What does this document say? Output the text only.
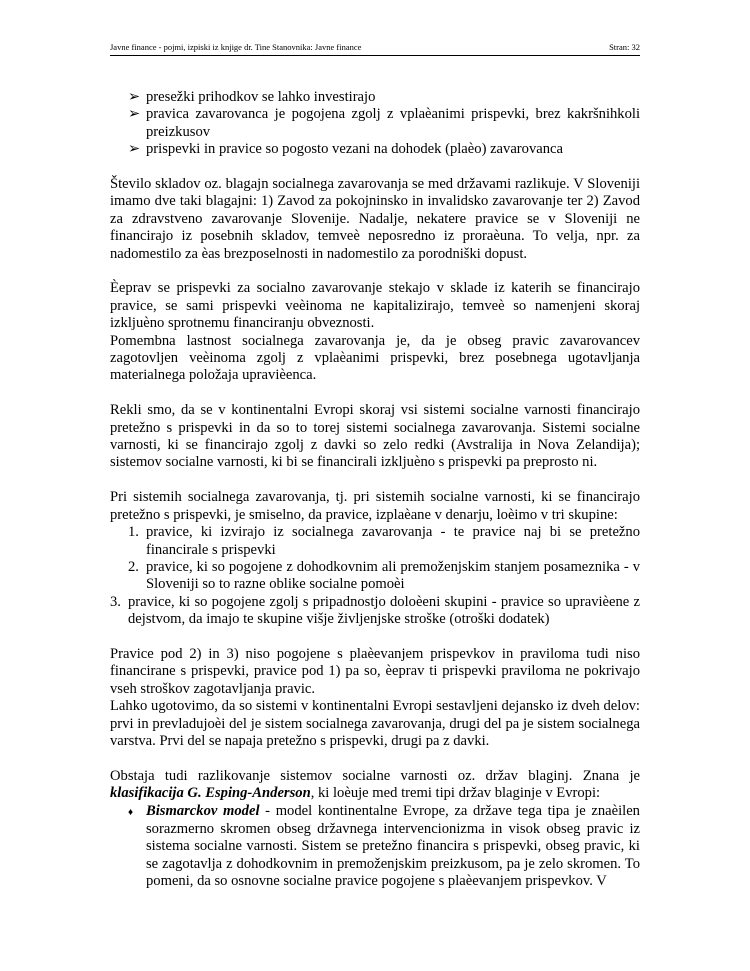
Javne finance - pojmi, izpiski iz knjige dr. Tine Stanovnika: Javne finance	Stran: 32
➢ presežki prihodkov se lahko investirajo
➢ pravica zavarovanca je pogojena zgolj z vplaèanimi prispevki, brez kakršnihkoli preizkusov
➢ prispevki in pravice so pogosto vezani na dohodek (plaèo) zavarovanca

Število skladov oz. blagajn socialnega zavarovanja se med državami razlikuje. V Sloveniji imamo dve taki blagajni: 1) Zavod za pokojninsko in invalidsko zavarovanje ter 2) Zavod za zdravstveno zavarovanje Slovenije. Nadalje, nekatere pravice se v Sloveniji ne financirajo iz posebnih skladov, temveè neposredno iz proraèuna. To velja, npr. za nadomestilo za èas brezposelnosti in nadomestilo za porodniški dopust.

Èeprav se prispevki za socialno zavarovanje stekajo v sklade iz katerih se financirajo pravice, se sami prispevki veèinoma ne kapitalizirajo, temveè so namenjeni skoraj izkljuèno sprotnemu financiranju obveznosti.

Pomembna lastnost socialnega zavarovanja je, da je obseg pravic zavarovancev zagotovljen veèinoma zgolj z vplaèanimi prispevki, brez posebnega ugotavljanja materialnega položaja upravièenca.

Rekli smo, da se v kontinentalni Evropi skoraj vsi sistemi socialne varnosti financirajo pretežno s prispevki in da so to torej sistemi socialnega zavarovanja. Sistemi socialne varnosti, ki se financirajo zgolj z davki so zelo redki (Avstralija in Nova Zelandija); sistemov socialne varnosti, ki bi se financirali izkljuèno s prispevki pa preprosto ni.

Pri sistemih socialnega zavarovanja, tj. pri sistemih socialne varnosti, ki se financirajo pretežno s prispevki, je smiselno, da pravice, izplaèane v denarju, loèimo v tri skupine:

1. pravice, ki izvirajo iz socialnega zavarovanja - te pravice naj bi se pretežno financirale s prispevki
2. pravice, ki so pogojene z dohodkovnim ali premoženjskim stanjem posameznika - v Sloveniji so to razne oblike socialne pomoèi
3. pravice, ki so pogojene zgolj s pripadnostjo doloèeni skupini - pravice so upravièene z dejstvom, da imajo te skupine višje življenjske stroške (otroški dodatek)

Pravice pod 2) in 3) niso pogojene s plaèevanjem prispevkov in praviloma tudi niso financirane s prispevki, pravice pod 1) pa so, èeprav ti prispevki praviloma ne pokrivajo vseh stroškov zagotavljanja pravic.

Lahko ugotovimo, da so sistemi v kontinentalni Evropi sestavljeni dejansko iz dveh delov: prvi in prevladujoèi del je sistem socialnega zavarovanja, drugi del pa je sistem socialnega varstva. Prvi del se napaja pretežno s prispevki, drugi pa z davki.

Obstaja tudi razlikovanje sistemov socialne varnosti oz. držav blaginj. Znana je klasifikacija G. Esping-Anderson, ki loèuje med tremi tipi držav blaginje v Evropi:

♦ Bismarckov model - model kontinentalne Evrope, za države tega tipa je znaèilen sorazmerno skromen obseg državnega intervencionizma in visok obseg pravic iz sistema socialne varnosti. Sistem se pretežno financira s prispevki, obseg pravic, ki se zagotavlja z dohodkovnim in premoženjskim preizkusom, pa je zelo skromen. To pomeni, da so osnovne socialne pravice pogojene s plaèevanjem prispevkov. V
